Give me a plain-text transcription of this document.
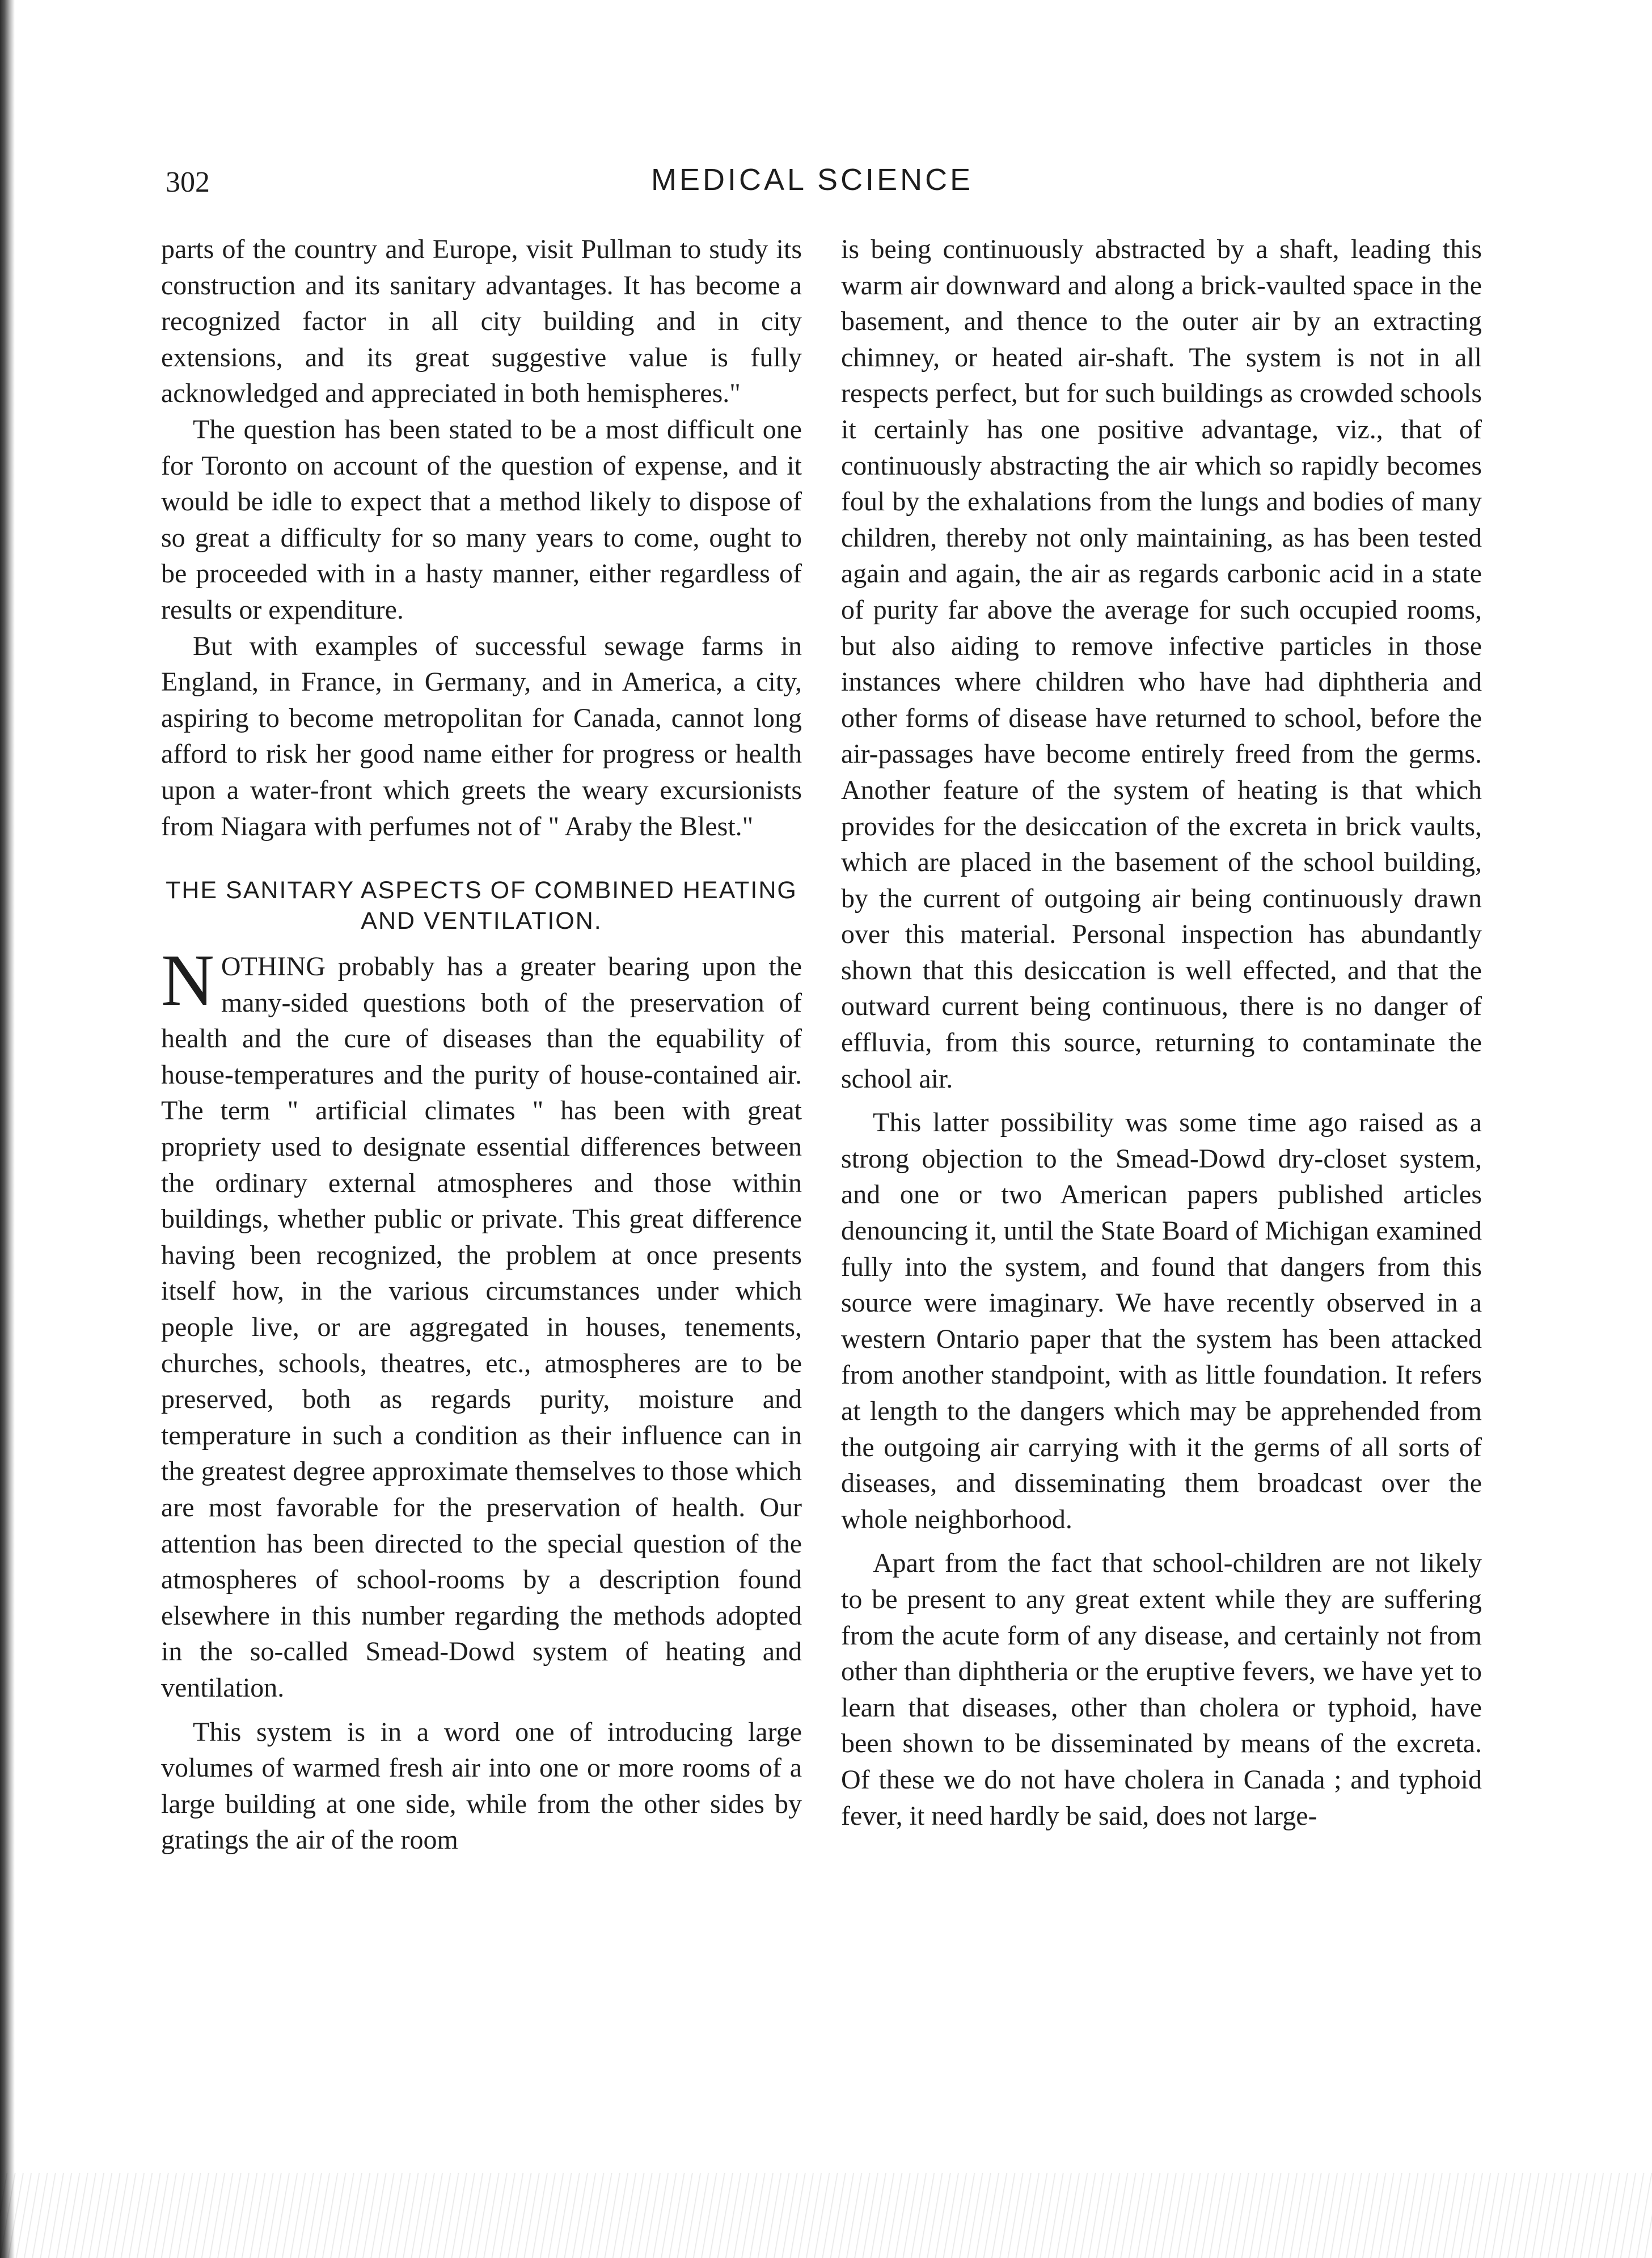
302	MEDICAL SCIENCE

parts of the country and Europe, visit Pullman to study its construction and its sanitary advantages. It has become a recognized factor in all city building and in city extensions, and its great suggestive value is fully acknowledged and appreciated in both hemispheres."

The question has been stated to be a most difficult one for Toronto on account of the question of expense, and it would be idle to expect that a method likely to dispose of so great a difficulty for so many years to come, ought to be proceeded with in a hasty manner, either regardless of results or expenditure.

But with examples of successful sewage farms in England, in France, in Germany, and in America, a city, aspiring to become metropolitan for Canada, cannot long afford to risk her good name either for progress or health upon a water-front which greets the weary excursionists from Niagara with perfumes not of " Araby the Blest."

THE SANITARY ASPECTS OF COMBINED HEATING AND VENTILATION.

NOTHING probably has a greater bearing upon the many-sided questions both of the preservation of health and the cure of diseases than the equability of house-temperatures and the purity of house-contained air. The term " artificial climates " has been with great propriety used to designate essential differences between the ordinary external atmospheres and those within buildings, whether public or private. This great difference having been recognized, the problem at once presents itself how, in the various circumstances under which people live, or are aggregated in houses, tenements, churches, schools, theatres, etc., atmospheres are to be preserved, both as regards purity, moisture and temperature in such a condition as their influence can in the greatest degree approximate themselves to those which are most favorable for the preservation of health. Our attention has been directed to the special question of the atmospheres of school-rooms by a description found elsewhere in this number regarding the methods adopted in the so-called Smead-Dowd system of heating and ventilation.

This system is in a word one of introducing large volumes of warmed fresh air into one or more rooms of a large building at one side, while from the other sides by gratings the air of the room

is being continuously abstracted by a shaft, leading this warm air downward and along a brick-vaulted space in the basement, and thence to the outer air by an extracting chimney, or heated air-shaft. The system is not in all respects perfect, but for such buildings as crowded schools it certainly has one positive advantage, viz., that of continuously abstracting the air which so rapidly becomes foul by the exhalations from the lungs and bodies of many children, thereby not only maintaining, as has been tested again and again, the air as regards carbonic acid in a state of purity far above the average for such occupied rooms, but also aiding to remove infective particles in those instances where children who have had diphtheria and other forms of disease have returned to school, before the air-passages have become entirely freed from the germs. Another feature of the system of heating is that which provides for the desiccation of the excreta in brick vaults, which are placed in the basement of the school building, by the current of outgoing air being continuously drawn over this material. Personal inspection has abundantly shown that this desiccation is well effected, and that the outward current being continuous, there is no danger of effluvia, from this source, returning to contaminate the school air.

This latter possibility was some time ago raised as a strong objection to the Smead-Dowd dry-closet system, and one or two American papers published articles denouncing it, until the State Board of Michigan examined fully into the system, and found that dangers from this source were imaginary. We have recently observed in a western Ontario paper that the system has been attacked from another standpoint, with as little foundation. It refers at length to the dangers which may be apprehended from the outgoing air carrying with it the germs of all sorts of diseases, and disseminating them broadcast over the whole neighborhood.

Apart from the fact that school-children are not likely to be present to any great extent while they are suffering from the acute form of any disease, and certainly not from other than diphtheria or the eruptive fevers, we have yet to learn that diseases, other than cholera or typhoid, have been shown to be disseminated by means of the excreta. Of these we do not have cholera in Canada ; and typhoid fever, it need hardly be said, does not large-
